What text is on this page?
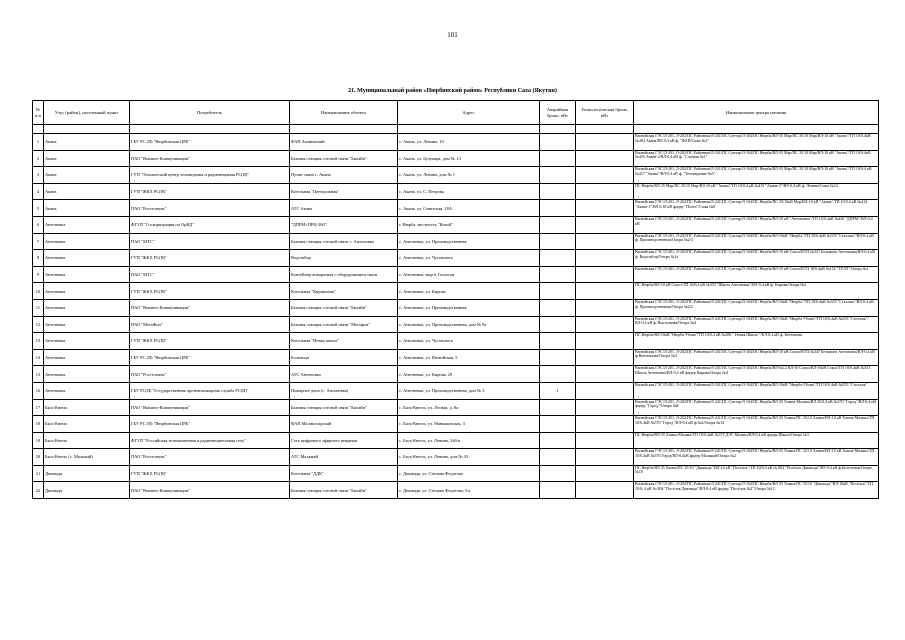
101
21. Муниципальный район «Нюрбинский район» Республики Саха (Якутия)
№ п/п	Улус (район), населенный пункт	Потребитель	Наименование объекта	Адрес	Аварийная бронь, кВт	Технологическая бронь, кВт	Наименование центра питания

1	Акана	ГБУ РС (Я) "Нюрбинская ЦРБ"	ФАП Аканинский	с. Акана, ул. Ленина, 19			Вилюйская ГЭС/Л-201, Л-202/ПС Районная/Л-241/ПС Сунтар/Л-104/ПС Нюрба/ВЛ-35 Мар/ПС 35/10 Мар/ВЛ-10 кВ "Акана"/ТП 10/0,4кВ №404 Акана/ВЛ-0,4 кВ ф. "ФАП/Сажа №1"

2	Акана	ПАО "Вымпел-Коммуникации"	Базовая станция сотовой связи "Билайн"	с. Акана, ул. Бучукара, дом № 1/1			Вилюйская ГЭС/Л-201, Л-202/ПС Районная/Л-241/ПС Сунтар/Л-104/ПС Нюрба/ВЛ-35 Мар/ПС 35/10 Мар/ВЛ-10 кВ "Акана"/ТП 10/0,4кВ №416 Акана-2/ВЛ-0,4 кВ ф. "Сотовая №1"

3	Акана	ГУП "Технический центр телевидения и радиовещания РС(Я)"	Пункт связи с. Акана	с. Акана, ул. Ленина, дом № 1			Вилюйская ГЭС/Л-201, Л-202/ПС Районная/Л-241/ПС Сунтар/Л-104/ПС Нюрба/ВЛ-35 Мар/ПС 35/10 Мар/ВЛ-10 кВ "Акана"/ТП 10/0,4 кВ №417 "Акана"/ВЛ-0,4 кВ ф. "Телевидение №3"

4	Акана	ГУП "ЖКХ РС(Я)"	Котельная "Центральная"	с. Акана, ул. С. Петрова			ПС Нюрба/ВЛ-35 Мар/ПС 35/10 Мар/ВЛ-10 кВ "Акана"/ТП 10/0,4 кВ №419 "Акана-2"/ВЛ-0,4 кВ ф. Ленина/Сажа №12

5	Акана	ПАО "Ростелеком"	АТС Акана	с. Акана, ул. Советская, 18А			Вилюйская ГЭС/Л-201, Л-202/ПС Районная/Л-241/ПС Сунтар/Л-104/ПС Нюрба/ПС 35/10кВ Мар/ВЛ-10 кВ "Акана"/ТП 10/0,4 кВ №414 "Акана-1"/ВЛ 0,38 кВ фидер "Почта"/Сажа №8

6	Антоновка	ФГУП "Госкорпорация по ОрВД"	"ДПРМ+ПРЦ-260"	г. Нюрба, местность "Кокай"			Вилюйская ГЭС/Л-201, Л-202/ПС Районная/Л-241/ПС Сунтар/Л-104/ПС Нюрба/ВЛ-10 кВ "Антоновка"/ТП 10/0,4кВ №436 "ДПРМ"/ВЛ-0,4 кВ

7	Антоновка	ПАО "МТС"	Базовая станция сотовой связи с. Антоновка	с. Антоновка, ул. Производственная			Вилюйская ГЭС/Л-201, Л-202/ПС Районная/Л-241/ПС Сунтар/Л-104/ПС Нюрба/ВЛ-10кВ "Нюрба"/ТП 10/0,4кВ №555 "Стеллаж"/ВЛ-0,4 кВ ф. Производственная/Опора №2/3

8	Антоновка	ГУП "ЖКХ РС(Я)"	Водозабор	с. Антоновка, ул. Чусовского			Вилюйская ГЭС/Л-201, Л-202/ПС Районная/Л-241/ПС Сунтар/Л-104/ПС Нюрба/ВЛ-10 кВ Сокол/КТП №347 Бельминг Антоновка/ВЛ-0,4 кВ ф. Водозабор/Опора №1а

9	Антоновка	ПАО "МТС"	Контейнер-аппаратная с оборудованием связи	с. Антоновка, мкр-н Геологов			Вилюйская ГЭС/Л-201, Л-202/ПС Районная/Л-241/ПС Сунтар/Л-104/ПС Нюрба/ВЛ-10 кВ Сокол/КТП 10/0,4кВ №152 "ТРЭЛ"/Опора №1

10	Антоновка	ГУП "ЖКХ РС(Я)"	Котельная "Кирпичная"	с. Антоновка, ул. Кирова			ПС Нюрба/ВЛ-10 кВ Сокол/ТП 10/0,4 кВ №353 "Школа Антоновка"/ВЛ-0,4 кВ ф. Кирова/Опора №4

11	Антоновка	ПАО "Вымпел-Коммуникации"	Базовая станция сотовой связи "Билайн"	с. Антоновка, ул. Производственная			Вилюйская ГЭС/Л-201, Л-202/ПС Районная/Л-241/ПС Сунтар/Л-104/ПС Нюрба/ВЛ-10кВ "Нюрба"/ТП 10/0,4кВ №555 "Стеллаж"/ВЛ-0,4 кВ ф. Производственная/Опора №2/2

12	Антоновка	ПАО "МегаФон"	Базовая станция сотовой связи "Мегафон"	с. Антоновка, ул. Производственная, дом № 9а			Вилюйская ГЭС/Л-201, Л-202/ПС Районная/Л-241/ПС Сунтар/Л-104/ПС Нюрба/ВЛ-10кВ "Нюрба-Убоян"/ТП 10/0,4кВ №555 "Стеллаж"/ВЛ-0,4 кВ ф. Вокзальная/Опора №4

13	Антоновка	ГУП "ЖКХ РС(Я)"	Котельная "Новая школа"	с. Антоновка, ул. Чусовского			ПС Нюрба/ВЛ-10кВ "Нюрба-Убоян"/ТП 10/0,4 кВ №386 " Новая Школа "/КЛ-0,4 кВ ф. Котельная

14	Антоновка	ГБУ РС (Я) "Нюрбинская ЦРБ"	Больница	с. Антоновка, ул. Вилюйская, 5			Вилюйская ГЭС/Л-201, Л-202/ПС Районная/Л-241/ПС Сунтар/Л-104/ПС Нюрба/ВЛ-10 кВ Сокол/КТП №347 Бельминг Антоновка/ВЛ-0,4 кВ ф.Вокзальная/Опора №3

15	Антоновка	ПАО "Ростелеком"	АТС Антоновка	с. Антоновка, ул. Кирова, 29			Вилюйская ГЭС/Л-201, Л-202/ПС Районная/Л-241/ПС Сунтар/Л-104/ПС Нюрба/ВЛ-№12 ВЛ-10 Сокол/ВЛ-10кВ Сокол/ТП 10/0,4кВ №353 Школа Антоновка/ВЛ-0,4 кВ фидер Кирова/Опора №4

16	Антоновка	ГБУ РС(Я) "Государственная противопожарная служба РС(Я)"	Пожарное депо (с. Антоновка)	с. Антоновка, ул. Производственная, дом № 3	1		Вилюйская ГЭС/Л-201, Л-202/ПС Районная/Л-241/ПС Сунтар/Л-104/ПС Нюрба/ВЛ-10кВ "Нюрба-Убоян"/ТП 10/0,4кВ №555 "Стеллаж"

17	Бясь-Кюель	ПАО "Вымпел-Коммуникации"	Базовая станция сотовой связи "Билайн"	с. Бясь-Кюель, ул. Лесная, д. 8а			Вилюйская ГЭС/Л-201, Л-202/ПС Районная/Л-241/ПС Сунтар/Л-104/ПС Нюрба/ВЛ-35 Хампа-Маликэ/ВЛ 35/0,4 кВ №570 "Город"/ВЛ-0,4 кВ фидер "Город"/Опора №8

18	Бясь-Кюель	ГБУ РС (Я) "Нюрбинская ЦРБ"	ФАП Маликэсирский	с. Бясь-Кюель, ул. Маньяковская, 3			Вилюйская ГЭС/Л-201, Л-202/ПС Районная/Л-241/ПС Сунтар/Л-104/ПС Нюрба/ВЛ-35 Хампа/ПС 35/10 Хампа/ВЛ-10 кВ Хампа-Маликэ/ТП 10/0,4кВ №570 "Город"/ВЛ-0,4 кВ ф.№2/Опора №12

19	Бясь-Кюель	ФГУП "Российская телевизионная и радиовещательная сеть"	Сеть цифрового эфирного вещания	с. Бясь-Кюель, ул. Ленина, 34б/и			ПС Нюрба/ВЛ-35 Хампа-Маликэ/ТП 10/0,4кВ №571 ДЭС Маликэ/ВЛ-0,4 кВ фидер Школа/Опора №3

20	Бясь-Кюель (с. Малыкай)	ПАО "Ростелеком"	АТС Малыкай	с. Бясь-Кюель, ул. Ленина, дом № 43			Вилюйская ГЭС/Л-201, Л-202/ПС Районная/Л-241/ПС Сунтар/Л-104/ПС Нюрба/ВЛ-35 Хампа/ПС 35/10 Хампа/ВЛ-10 кВ Хампа-Маликэ/ТП 10/0,4кВ №570 Город/ВЛ-0,4кВ фидер Малыкай/Опора №2

21	Дикимдя	ГУП "ЖКХ РС(Я)"	Котельная "ДДК"	с. Дикимдя, ул. Степана Федотова			ПС Нюрба/ВЛ 35 Хампа/ПС 35/10 "Дикимдя"/ВЛ-10 кВ "Посёлок"/ТП 10/0,4 кВ № 804 "Посёлок Дикимдя"/ВЛ-0,4 кВ ф.Котельная/Опора №10

22	Дикимдя	ПАО "Вымпел-Коммуникации"	Базовая станция сотовой связи "Билайн"	с. Дикимдя, ул. Степана Федотова, 5/а			Вилюйская ГЭС/Л-201, Л-202/ПС Районная/Л-241/ПС Сунтар/Л-104/ПС Нюрба/ВЛ-35 Хампа/ПС 35/10 "Дикимдя"/ВЛ-10кВ "Посёлок"/ТП 10/0, 4 кВ № 804 "Посёлок Дикимдя"/ВЛ-0,4 кВ фидер "Посёлок №2"/Опора №12
